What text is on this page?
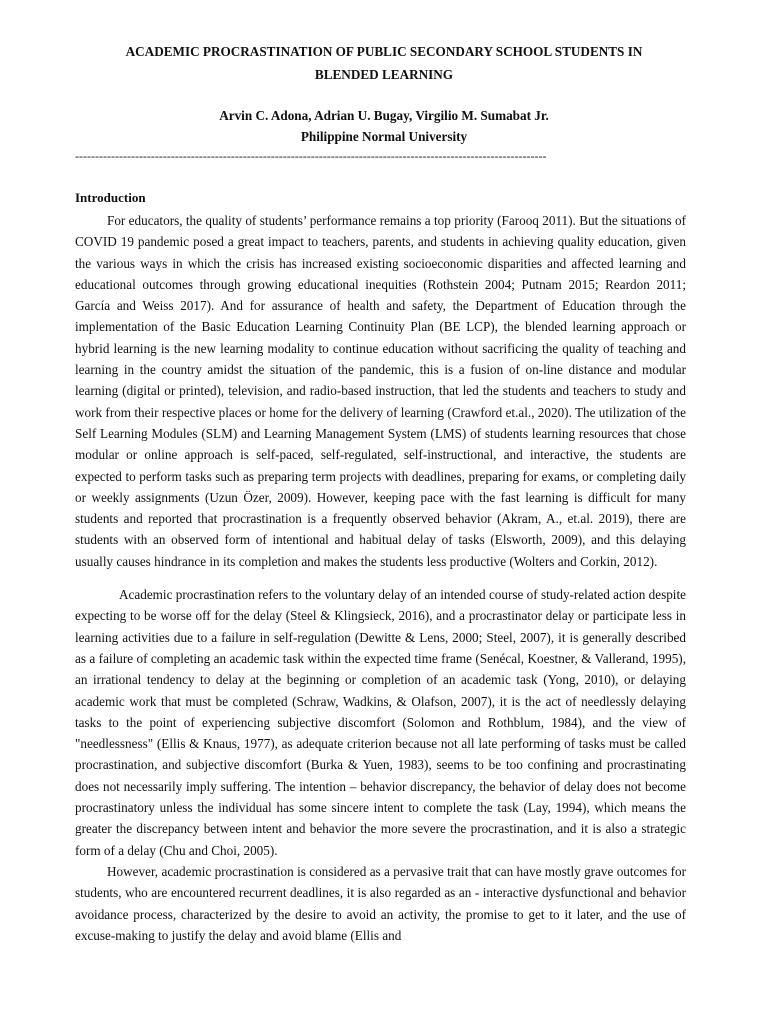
ACADEMIC PROCRASTINATION OF PUBLIC SECONDARY SCHOOL STUDENTS IN
BLENDED LEARNING
Arvin C. Adona, Adrian U. Bugay, Virgilio M. Sumabat Jr.
Philippine Normal University
----------------------------------------------------------------------------------------------------------------------
Introduction

For educators, the quality of students’ performance remains a top priority (Farooq 2011). But the situations of COVID 19 pandemic posed a great impact to teachers, parents, and students in achieving quality education, given the various ways in which the crisis has increased existing socioeconomic disparities and affected learning and educational outcomes through growing educational inequities (Rothstein 2004; Putnam 2015; Reardon 2011; García and Weiss 2017). And for assurance of health and safety, the Department of Education through the implementation of the Basic Education Learning Continuity Plan (BE LCP), the blended learning approach or hybrid learning is the new learning modality to continue education without sacrificing the quality of teaching and learning in the country amidst the situation of the pandemic, this is a fusion of on-line distance and modular learning (digital or printed), television, and radio-based instruction, that led the students and teachers to study and work from their respective places or home for the delivery of learning (Crawford et.al., 2020). The utilization of the Self Learning Modules (SLM) and Learning Management System (LMS) of students learning resources that chose modular or online approach is self-paced, self-regulated, self-instructional, and interactive, the students are expected to perform tasks such as preparing term projects with deadlines, preparing for exams, or completing daily or weekly assignments (Uzun Özer, 2009). However, keeping pace with the fast learning is difficult for many students and reported that procrastination is a frequently observed behavior (Akram, A., et.al. 2019), there are students with an observed form of intentional and habitual delay of tasks (Elsworth, 2009), and this delaying usually causes hindrance in its completion and makes the students less productive (Wolters and Corkin, 2012).

Academic procrastination refers to the voluntary delay of an intended course of study-related action despite expecting to be worse off for the delay (Steel & Klingsieck, 2016), and a procrastinator delay or participate less in learning activities due to a failure in self-regulation (Dewitte & Lens, 2000; Steel, 2007), it is generally described as a failure of completing an academic task within the expected time frame (Senécal, Koestner, & Vallerand, 1995), an irrational tendency to delay at the beginning or completion of an academic task (Yong, 2010), or delaying academic work that must be completed (Schraw, Wadkins, & Olafson, 2007), it is the act of needlessly delaying tasks to the point of experiencing subjective discomfort (Solomon and Rothblum, 1984), and the view of "needlessness" (Ellis & Knaus, 1977), as adequate criterion because not all late performing of tasks must be called procrastination, and subjective discomfort (Burka & Yuen, 1983), seems to be too confining and procrastinating does not necessarily imply suffering. The intention – behavior discrepancy, the behavior of delay does not become procrastinatory unless the individual has some sincere intent to complete the task (Lay, 1994), which means the greater the discrepancy between intent and behavior the more severe the procrastination, and it is also a strategic form of a delay (Chu and Choi, 2005).

However, academic procrastination is considered as a pervasive trait that can have mostly grave outcomes for students, who are encountered recurrent deadlines, it is also regarded as an - interactive dysfunctional and behavior avoidance process, characterized by the desire to avoid an activity, the promise to get to it later, and the use of excuse-making to justify the delay and avoid blame (Ellis and
